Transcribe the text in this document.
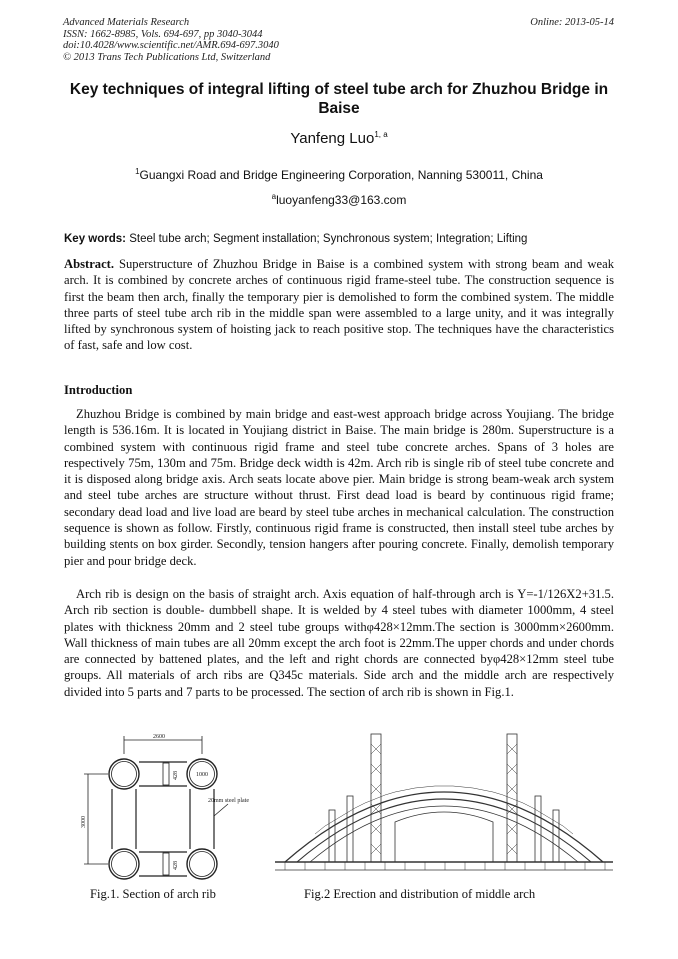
Advanced Materials Research
ISSN: 1662-8985, Vols. 694-697, pp 3040-3044
doi:10.4028/www.scientific.net/AMR.694-697.3040
© 2013 Trans Tech Publications Ltd, Switzerland
Online: 2013-05-14
Key techniques of integral lifting of steel tube arch for Zhuzhou Bridge in Baise
Yanfeng Luo$^{1, a}$
$^1$Guangxi Road and Bridge Engineering Corporation, Nanning 530011, China
$^a$luoyanfeng33@163.com
Key words: Steel tube arch; Segment installation; Synchronous system; Integration; Lifting
Abstract. Superstructure of Zhuzhou Bridge in Baise is a combined system with strong beam and weak arch. It is combined by concrete arches of continuous rigid frame-steel tube. The construction sequence is first the beam then arch, finally the temporary pier is demolished to form the combined system. The middle three parts of steel tube arch rib in the middle span were assembled to a large unity, and it was integrally lifted by synchronous system of hoisting jack to reach positive stop. The techniques have the characteristics of fast, safe and low cost.
Introduction
Zhuzhou Bridge is combined by main bridge and east-west approach bridge across Youjiang. The bridge length is 536.16m. It is located in Youjiang district in Baise. The main bridge is 280m. Superstructure is a combined system with continuous rigid frame and steel tube concrete arches. Spans of 3 holes are respectively 75m, 130m and 75m. Bridge deck width is 42m. Arch rib is single rib of steel tube concrete and it is disposed along bridge axis. Arch seats locate above pier. Main bridge is strong beam-weak arch system and steel tube arches are structure without thrust. First dead load is beard by continuous rigid frame; secondary dead load and live load are beard by steel tube arches in mechanical calculation. The construction sequence is shown as follow. Firstly, continuous rigid frame is constructed, then install steel tube arches by building stents on box girder. Secondly, tension hangers after pouring concrete. Finally, demolish temporary pier and pour bridge deck.
Arch rib is design on the basis of straight arch. Axis equation of half-through arch is Y=-1/126X2+31.5. Arch rib section is double- dumbbell shape. It is welded by 4 steel tubes with diameter 1000mm, 4 steel plates with thickness 20mm and 2 steel tube groups withφ428×12mm.The section is 3000mm×2600mm. Wall thickness of main tubes are all 20mm except the arch foot is 22mm.The upper chords and under chords are connected by battened plates, and the left and right chords are connected byφ428×12mm steel tube groups. All materials of arch ribs are Q345c materials. Side arch and the middle arch are respectively divided into 5 parts and 7 parts to be processed. The section of arch rib is shown in Fig.1.
2600
3000
1000
428
428
20mm steel plate
Fig.1. Section of arch rib	Fig.2 Erection and distribution of middle arch
